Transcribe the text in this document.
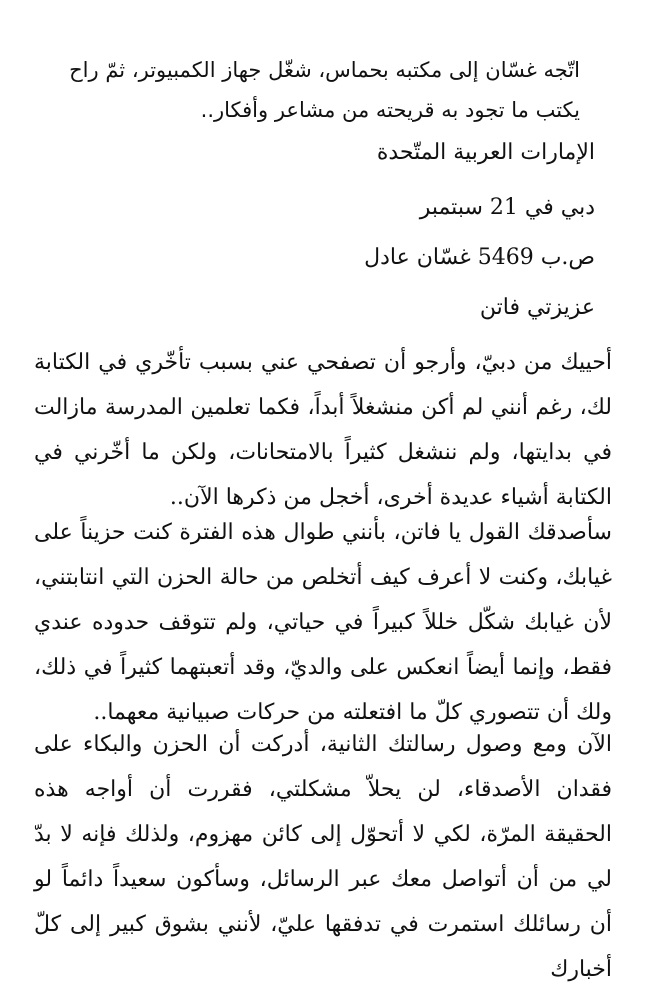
اتّجه غسّان إلى مكتبه بحماس، شغّل جهاز الكمبيوتر، ثمّ راح يكتب ما تجود به قريحته من مشاعر وأفكار..

الإمارات العربية المتّحدة

دبي في 21 سبتمبر

ص.ب 5469 غسّان عادل

عزيزتي فاتن

أحييك من دبيّ، وأرجو أن تصفحي عني بسبب تأخّري في الكتابة لك، رغم أنني لم أكن منشغلاً أبداً، فكما تعلمين المدرسة مازالت في بدايتها، ولم ننشغل كثيراً بالامتحانات، ولكن ما أخّرني في الكتابة أشياء عديدة أخرى، أخجل من ذكرها الآن..

سأصدقك القول يا فاتن، بأنني طوال هذه الفترة كنت حزيناً على غيابك، وكنت لا أعرف كيف أتخلص من حالة الحزن التي انتابتني، لأن غيابك شكّل خللاً كبيراً في حياتي، ولم تتوقف حدوده عندي فقط، وإنما أيضاً انعكس على والديّ، وقد أتعبتهما كثيراً في ذلك، ولك أن تتصوري كلّ ما افتعلته من حركات صبيانية معهما..

الآن ومع وصول رسالتك الثانية، أدركت أن الحزن والبكاء على فقدان الأصدقاء، لن يحلاّ مشكلتي، فقررت أن أواجه هذه الحقيقة المرّة، لكي لا أتحوّل إلى كائن مهزوم، ولذلك فإنه لا بدّ لي من أن أتواصل معك عبر الرسائل، وسأكون سعيداً دائماً لو أن رسائلك استمرت في تدفقها عليّ، لأنني بشوق كبير إلى كلّ أخبارك
